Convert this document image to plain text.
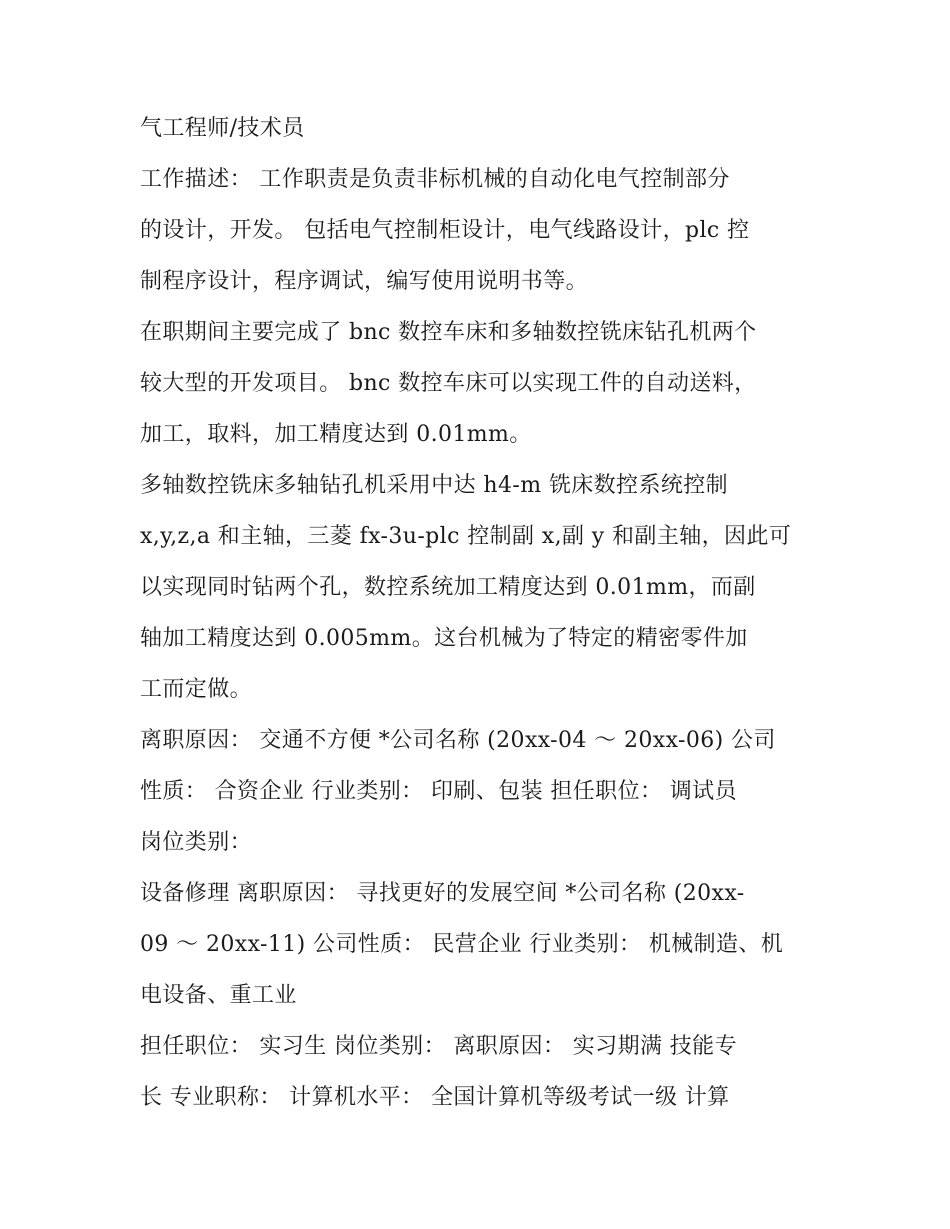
气工程师/技术员

工作描述： 工作职责是负责非标机械的自动化电气控制部分

的设计，开发。 包括电气控制柜设计，电气线路设计，plc 控

制程序设计，程序调试，编写使用说明书等。

在职期间主要完成了 bnc 数控车床和多轴数控铣床钻孔机两个

较大型的开发项目。 bnc 数控车床可以实现工件的自动送料，

加工，取料，加工精度达到 0.01mm。

多轴数控铣床多轴钻孔机采用中达 h4-m 铣床数控系统控制

x,y,z,a 和主轴，三菱 fx-3u-plc 控制副 x,副 y 和副主轴，因此可

以实现同时钻两个孔，数控系统加工精度达到 0.01mm，而副

轴加工精度达到 0.005mm。这台机械为了特定的精密零件加

工而定做。

离职原因： 交通不方便 *公司名称 (20xx-04 ～ 20xx-06) 公司

性质： 合资企业 行业类别： 印刷、包装 担任职位： 调试员

岗位类别：

设备修理 离职原因： 寻找更好的发展空间 *公司名称 (20xx-

09 ～ 20xx-11) 公司性质： 民营企业 行业类别： 机械制造、机

电设备、重工业

担任职位： 实习生 岗位类别： 离职原因： 实习期满 技能专

长 专业职称： 计算机水平： 全国计算机等级考试一级 计算
